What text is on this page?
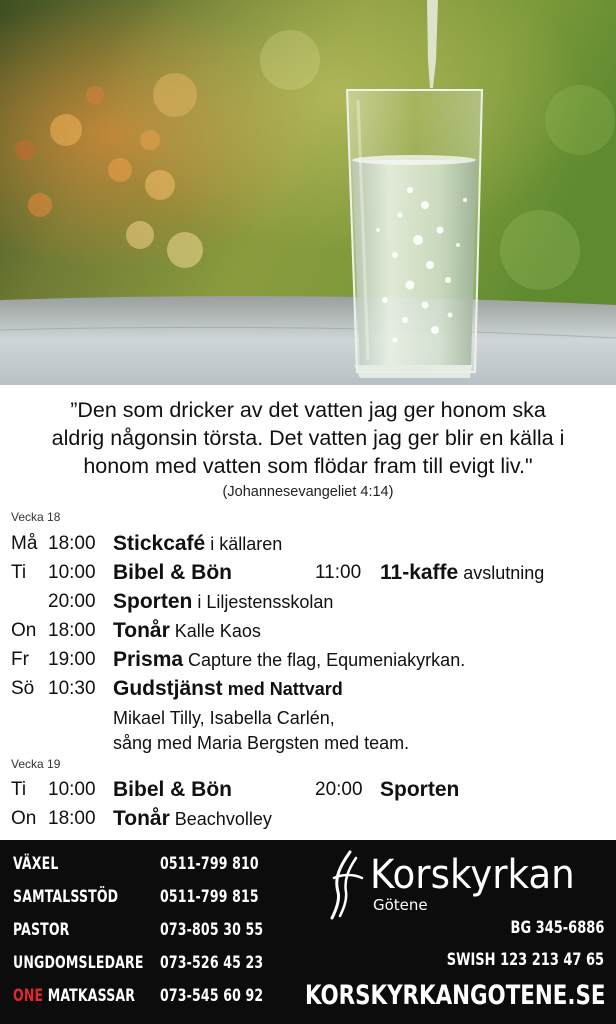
”Den som dricker av det vatten jag ger honom ska
aldrig någonsin törsta. Det vatten jag ger blir en källa i
honom med vatten som flödar fram till evigt liv."
(Johannesevangeliet 4:14)
Vecka 18
Må 18:00 Stickcafé i källaren
Ti 10:00 Bibel & Bön	11:00 11-kaffe avslutning
20:00 Sporten i Liljestensskolan
On 18:00 Tonår Kalle Kaos
Fr 19:00 Prisma Capture the flag, Equmeniakyrkan.
Sö 10:30 Gudstjänst med Nattvard
Mikael Tilly, Isabella Carlén,
sång med Maria Bergsten med team.
Vecka 19
Ti 10:00 Bibel & Bön	20:00 Sporten
On 18:00 Tonår Beachvolley
VÄXEL	0511-799 810
SAMTALSSTÖD 0511-799 815
PASTOR	073-805 30 55
UNGDOMSLEDARE 073-526 45 23
ONE MATKASSAR 073-545 60 92
Korskyrkan
Götene
BG 345-6886
SWISH 123 213 47 65
KORSKYRKANGOTENE.SE
